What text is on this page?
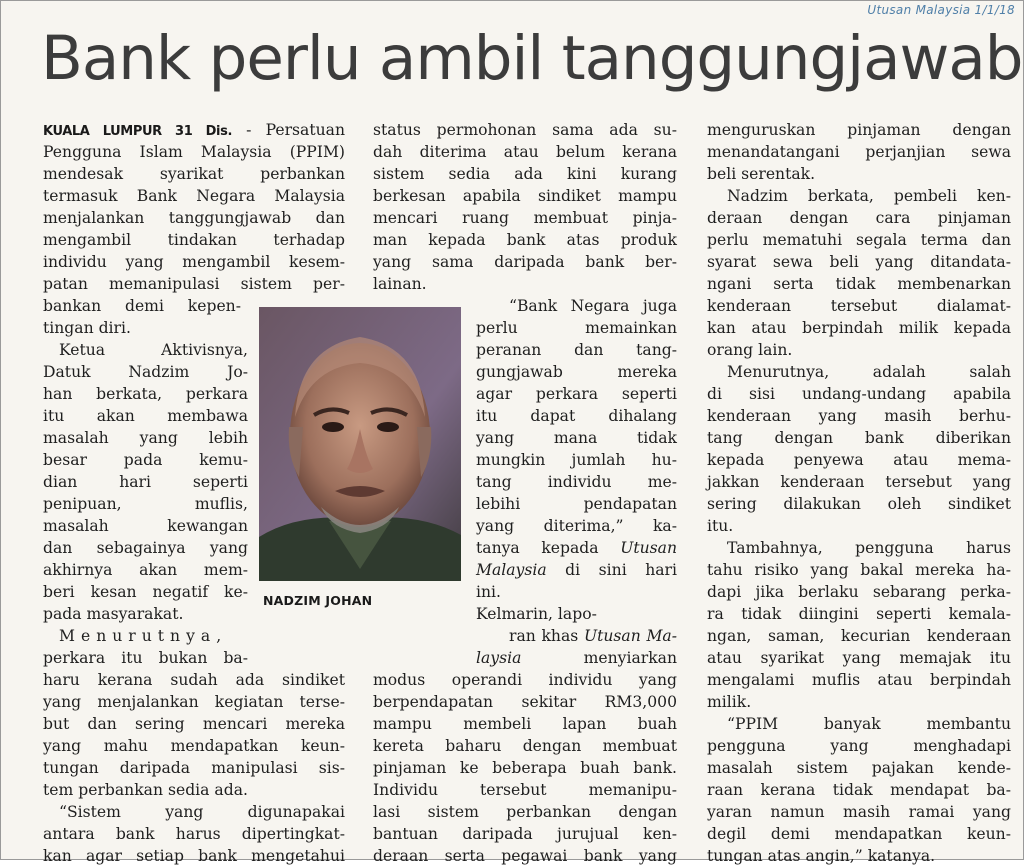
Utusan Malaysia 1/1/18
Bank perlu ambil tanggungjawab

KUALA LUMPUR 31 Dis. - Persatuan

Pengguna Islam Malaysia (PPIM)

mendesak syarikat perbankan

termasuk Bank Negara Malaysia

menjalankan tanggungjawab dan

mengambil tindakan terhadap

individu yang mengambil kesem-

patan memanipulasi sistem per-

bankan demi kepen-

tingan diri.

Ketua Aktivisnya,

Datuk Nadzim Jo-

han berkata, perkara

itu akan membawa

masalah yang lebih

besar pada kemu-

dian hari seperti

penipuan, muflis,

masalah kewangan

dan sebagainya yang

akhirnya akan mem-

beri kesan negatif ke-

pada masyarakat.

Menurutnya,

perkara itu bukan ba-

haru kerana sudah ada sindiket

yang menjalankan kegiatan terse-

but dan sering mencari mereka

yang mahu mendapatkan keun-

tungan daripada manipulasi sis-

tem perbankan sedia ada.

“Sistem yang digunapakai

antara bank harus dipertingkat-

kan agar setiap bank mengetahui

status permohonan sama ada su-

dah diterima atau belum kerana

sistem sedia ada kini kurang

berkesan apabila sindiket mampu

mencari ruang membuat pinja-

man kepada bank atas produk

yang sama daripada bank ber-

lainan.

“Bank Negara juga

perlu memainkan

peranan dan tang-

gungjawab mereka

agar perkara seperti

itu dapat dihalang

yang mana tidak

mungkin jumlah hu-

tang individu me-

lebihi pendapatan

yang diterima,” ka-

tanya kepada Utusan

Malaysia di sini hari

ini.

Kelmarin, lapo-

ran khas Utusan Ma-

laysia menyiarkan

modus operandi individu yang

berpendapatan sekitar RM3,000

mampu membeli lapan buah

kereta baharu dengan membuat

pinjaman ke beberapa buah bank.

Individu tersebut memanipu-

lasi sistem perbankan dengan

bantuan daripada jurujual ken-

deraan serta pegawai bank yang

menguruskan pinjaman dengan

menandatangani perjanjian sewa

beli serentak.

Nadzim berkata, pembeli ken-

deraan dengan cara pinjaman

perlu mematuhi segala terma dan

syarat sewa beli yang ditandata-

ngani serta tidak membenarkan

kenderaan tersebut dialamat-

kan atau berpindah milik kepada

orang lain.

Menurutnya, adalah salah

di sisi undang-undang apabila

kenderaan yang masih berhu-

tang dengan bank diberikan

kepada penyewa atau mema-

jakkan kenderaan tersebut yang

sering dilakukan oleh sindiket

itu.

Tambahnya, pengguna harus

tahu risiko yang bakal mereka ha-

dapi jika berlaku sebarang perka-

ra tidak diingini seperti kemala-

ngan, saman, kecurian kenderaan

atau syarikat yang memajak itu

mengalami muflis atau berpindah

milik.

“PPIM banyak membantu

pengguna yang menghadapi

masalah sistem pajakan kende-

raan kerana tidak mendapat ba-

yaran namun masih ramai yang

degil demi mendapatkan keun-

tungan atas angin,” katanya.

NADZIM JOHAN
